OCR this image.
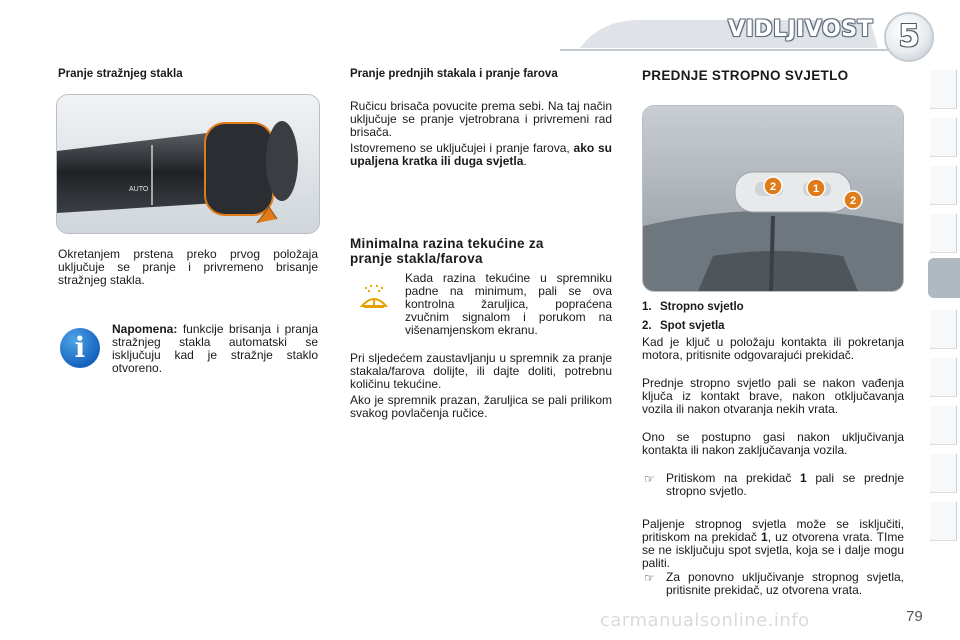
VIDLJIVOST 5
Pranje stražnjeg stakla
AUTO

Okretanjem prstena preko prvog položaja uključuje se pranje i privremeno brisanje stražnjeg stakla.

i

Napomena: funkcije brisanja i pranja stražnjeg stakla automatski se isključuju kad je stražnje staklo otvoreno.

Pranje prednjih stakala i pranje farova

Ručicu brisača povucite prema sebi. Na taj način uključuje se pranje vjetrobrana i privremeni rad brisača.

Istovremeno se uključujei i pranje farova, ako su upaljena kratka ili duga svjetla.

Minimalna razina tekućine za pranje stakla/farova

Kada razina tekućine u spremniku padne na minimum, pali se ova kontrolna žaruljica, popraćena zvučnim signalom i porukom na višenamjenskom ekranu.

Pri sljedećem zaustavljanju u spremnik za pranje stakala/farova dolijte, ili dajte doliti, potrebnu količinu tekućine.

Ako je spremnik prazan, žaruljica se pali prilikom svakog povlačenja ručice.

PREDNJE STROPNO SVJETLO
2	1
2
1. Stropno svjetlo
2. Spot svjetla

Kad je ključ u položaju kontakta ili pokretanja motora, pritisnite odgovarajući prekidač.

Prednje stropno svjetlo pali se nakon vađenja ključa iz kontakt brave, nakon otključavanja vozila ili nakon otvaranja nekih vrata.

Ono se postupno gasi nakon uključivanja kontakta ili nakon zaključavanja vozila.

☞ Pritiskom na prekidač 1 pali se prednje stropno svjetlo.

Paljenje stropnog svjetla može se isključiti, pritiskom na prekidač 1, uz otvorena vrata. TIme se ne isključuju spot svjetla, koja se i dalje mogu paliti.

☞ Za ponovno uključivanje stropnog svjetla, pritisnite prekidač, uz otvorena vrata.

carmanualsonline.info	79
